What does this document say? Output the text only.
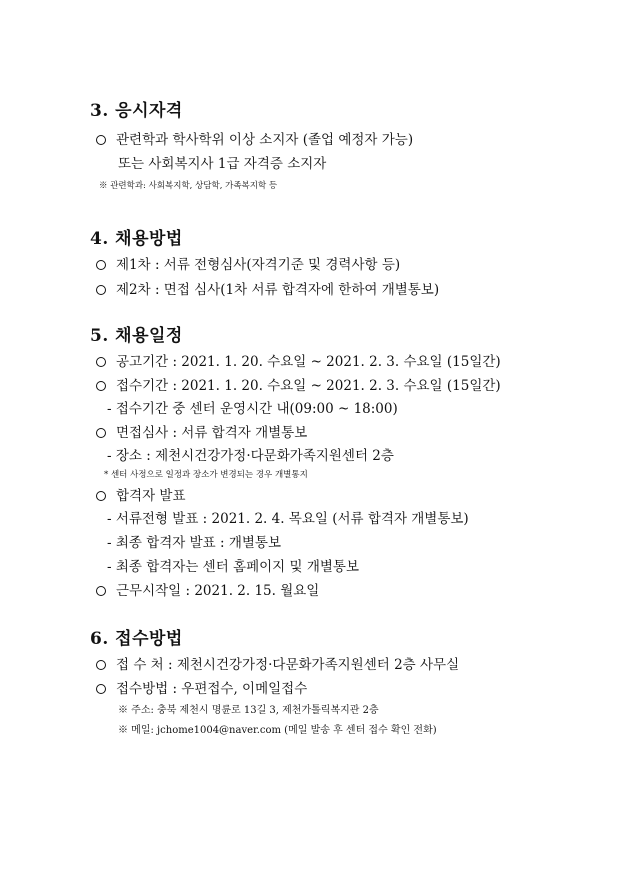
3. 응시자격
관련학과 학사학위 이상 소지자 (졸업 예정자 가능)
또는 사회복지사 1급 자격증 소지자
※ 관련학과: 사회복지학, 상담학, 가족복지학 등
4. 채용방법
제1차 : 서류 전형심사(자격기준 및 경력사항 등)
제2차 : 면접 심사(1차 서류 합격자에 한하여 개별통보)
5. 채용일정
공고기간 : 2021. 1. 20. 수요일 ~ 2021. 2. 3. 수요일 (15일간)
접수기간 : 2021. 1. 20. 수요일 ~ 2021. 2. 3. 수요일 (15일간)
- 접수기간 중 센터 운영시간 내(09:00 ~ 18:00)
면접심사 : 서류 합격자 개별통보
- 장소 : 제천시건강가정·다문화가족지원센터 2층
* 센터 사정으로 일정과 장소가 변경되는 경우 개별통지
합격자 발표
- 서류전형 발표 : 2021. 2. 4. 목요일 (서류 합격자 개별통보)
- 최종 합격자 발표 : 개별통보
- 최종 합격자는 센터 홈페이지 및 개별통보
근무시작일 : 2021. 2. 15. 월요일
6. 접수방법
접 수 처 : 제천시건강가정·다문화가족지원센터 2층 사무실
접수방법 : 우편접수, 이메일접수
※ 주소: 충북 제천시 명륜로 13길 3, 제천가톨릭복지관 2층
※ 메일: jchome1004@naver.com (메일 발송 후 센터 접수 확인 전화)
